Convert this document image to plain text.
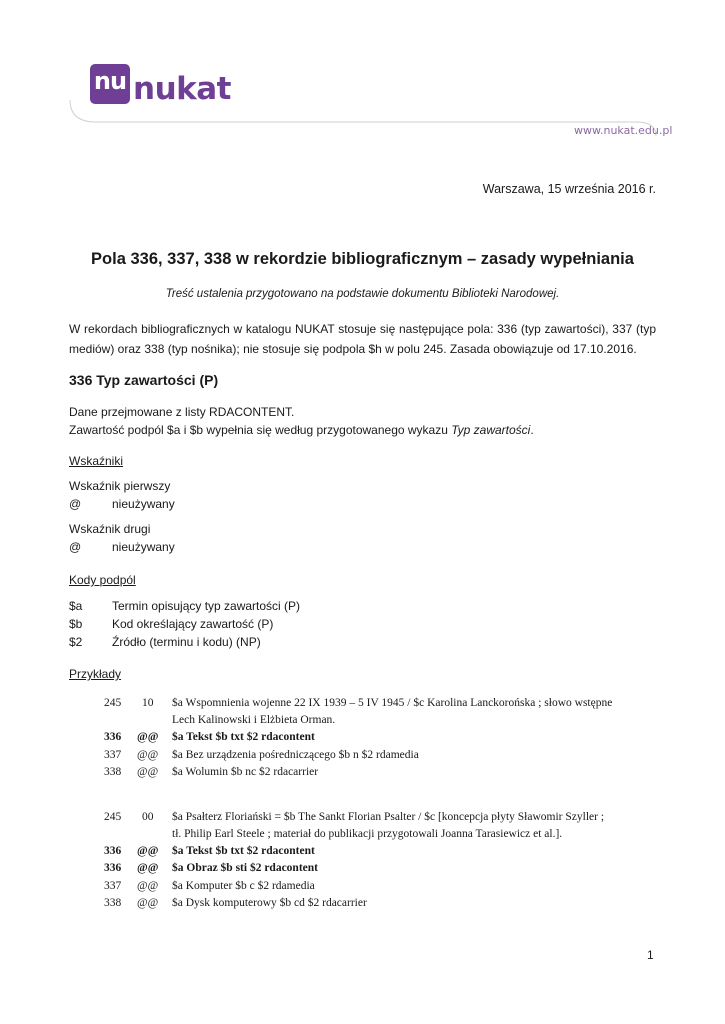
nu nukat
www.nukat.edu.pl
Warszawa, 15 września 2016 r.
Pola 336, 337, 338 w rekordzie bibliograficznym – zasady wypełniania
Treść ustalenia przygotowano na podstawie dokumentu Biblioteki Narodowej.
W rekordach bibliograficznych w katalogu NUKAT stosuje się następujące pola: 336 (typ zawartości), 337 (typ mediów) oraz 338 (typ nośnika); nie stosuje się podpola $h w polu 245. Zasada obowiązuje od 17.10.2016.
336 Typ zawartości (P)
Dane przejmowane z listy RDACONTENT.
Zawartość podpól $a i $b wypełnia się według przygotowanego wykazu Typ zawartości.
Wskaźniki
Wskaźnik pierwszy
@	nieużywany
Wskaźnik drugi
@	nieużywany
Kody podpól
$a Termin opisujący typ zawartości (P)
$b Kod określający zawartość (P)
$2 Źródło (terminu i kodu) (NP)
Przykłady
245 10 $a Wspomnienia wojenne 22 IX 1939 – 5 IV 1945 / $c Karolina Lanckorońska ; słowo wstępne
Lech Kalinowski i Elżbieta Orman.
336 @@ $a Tekst $b txt $2 rdacontent
337 @@ $a Bez urządzenia pośredniczącego $b n $2 rdamedia
338 @@ $a Wolumin $b nc $2 rdacarrier
245 00 $a Psałterz Floriański = $b The Sankt Florian Psalter / $c [koncepcja płyty Sławomir Szyller ;
tł. Philip Earl Steele ; materiał do publikacji przygotowali Joanna Tarasiewicz et al.].
336 @@ $a Tekst $b txt $2 rdacontent
336 @@ $a Obraz $b sti $2 rdacontent
337 @@ $a Komputer $b c $2 rdamedia
338 @@ $a Dysk komputerowy $b cd $2 rdacarrier
1
